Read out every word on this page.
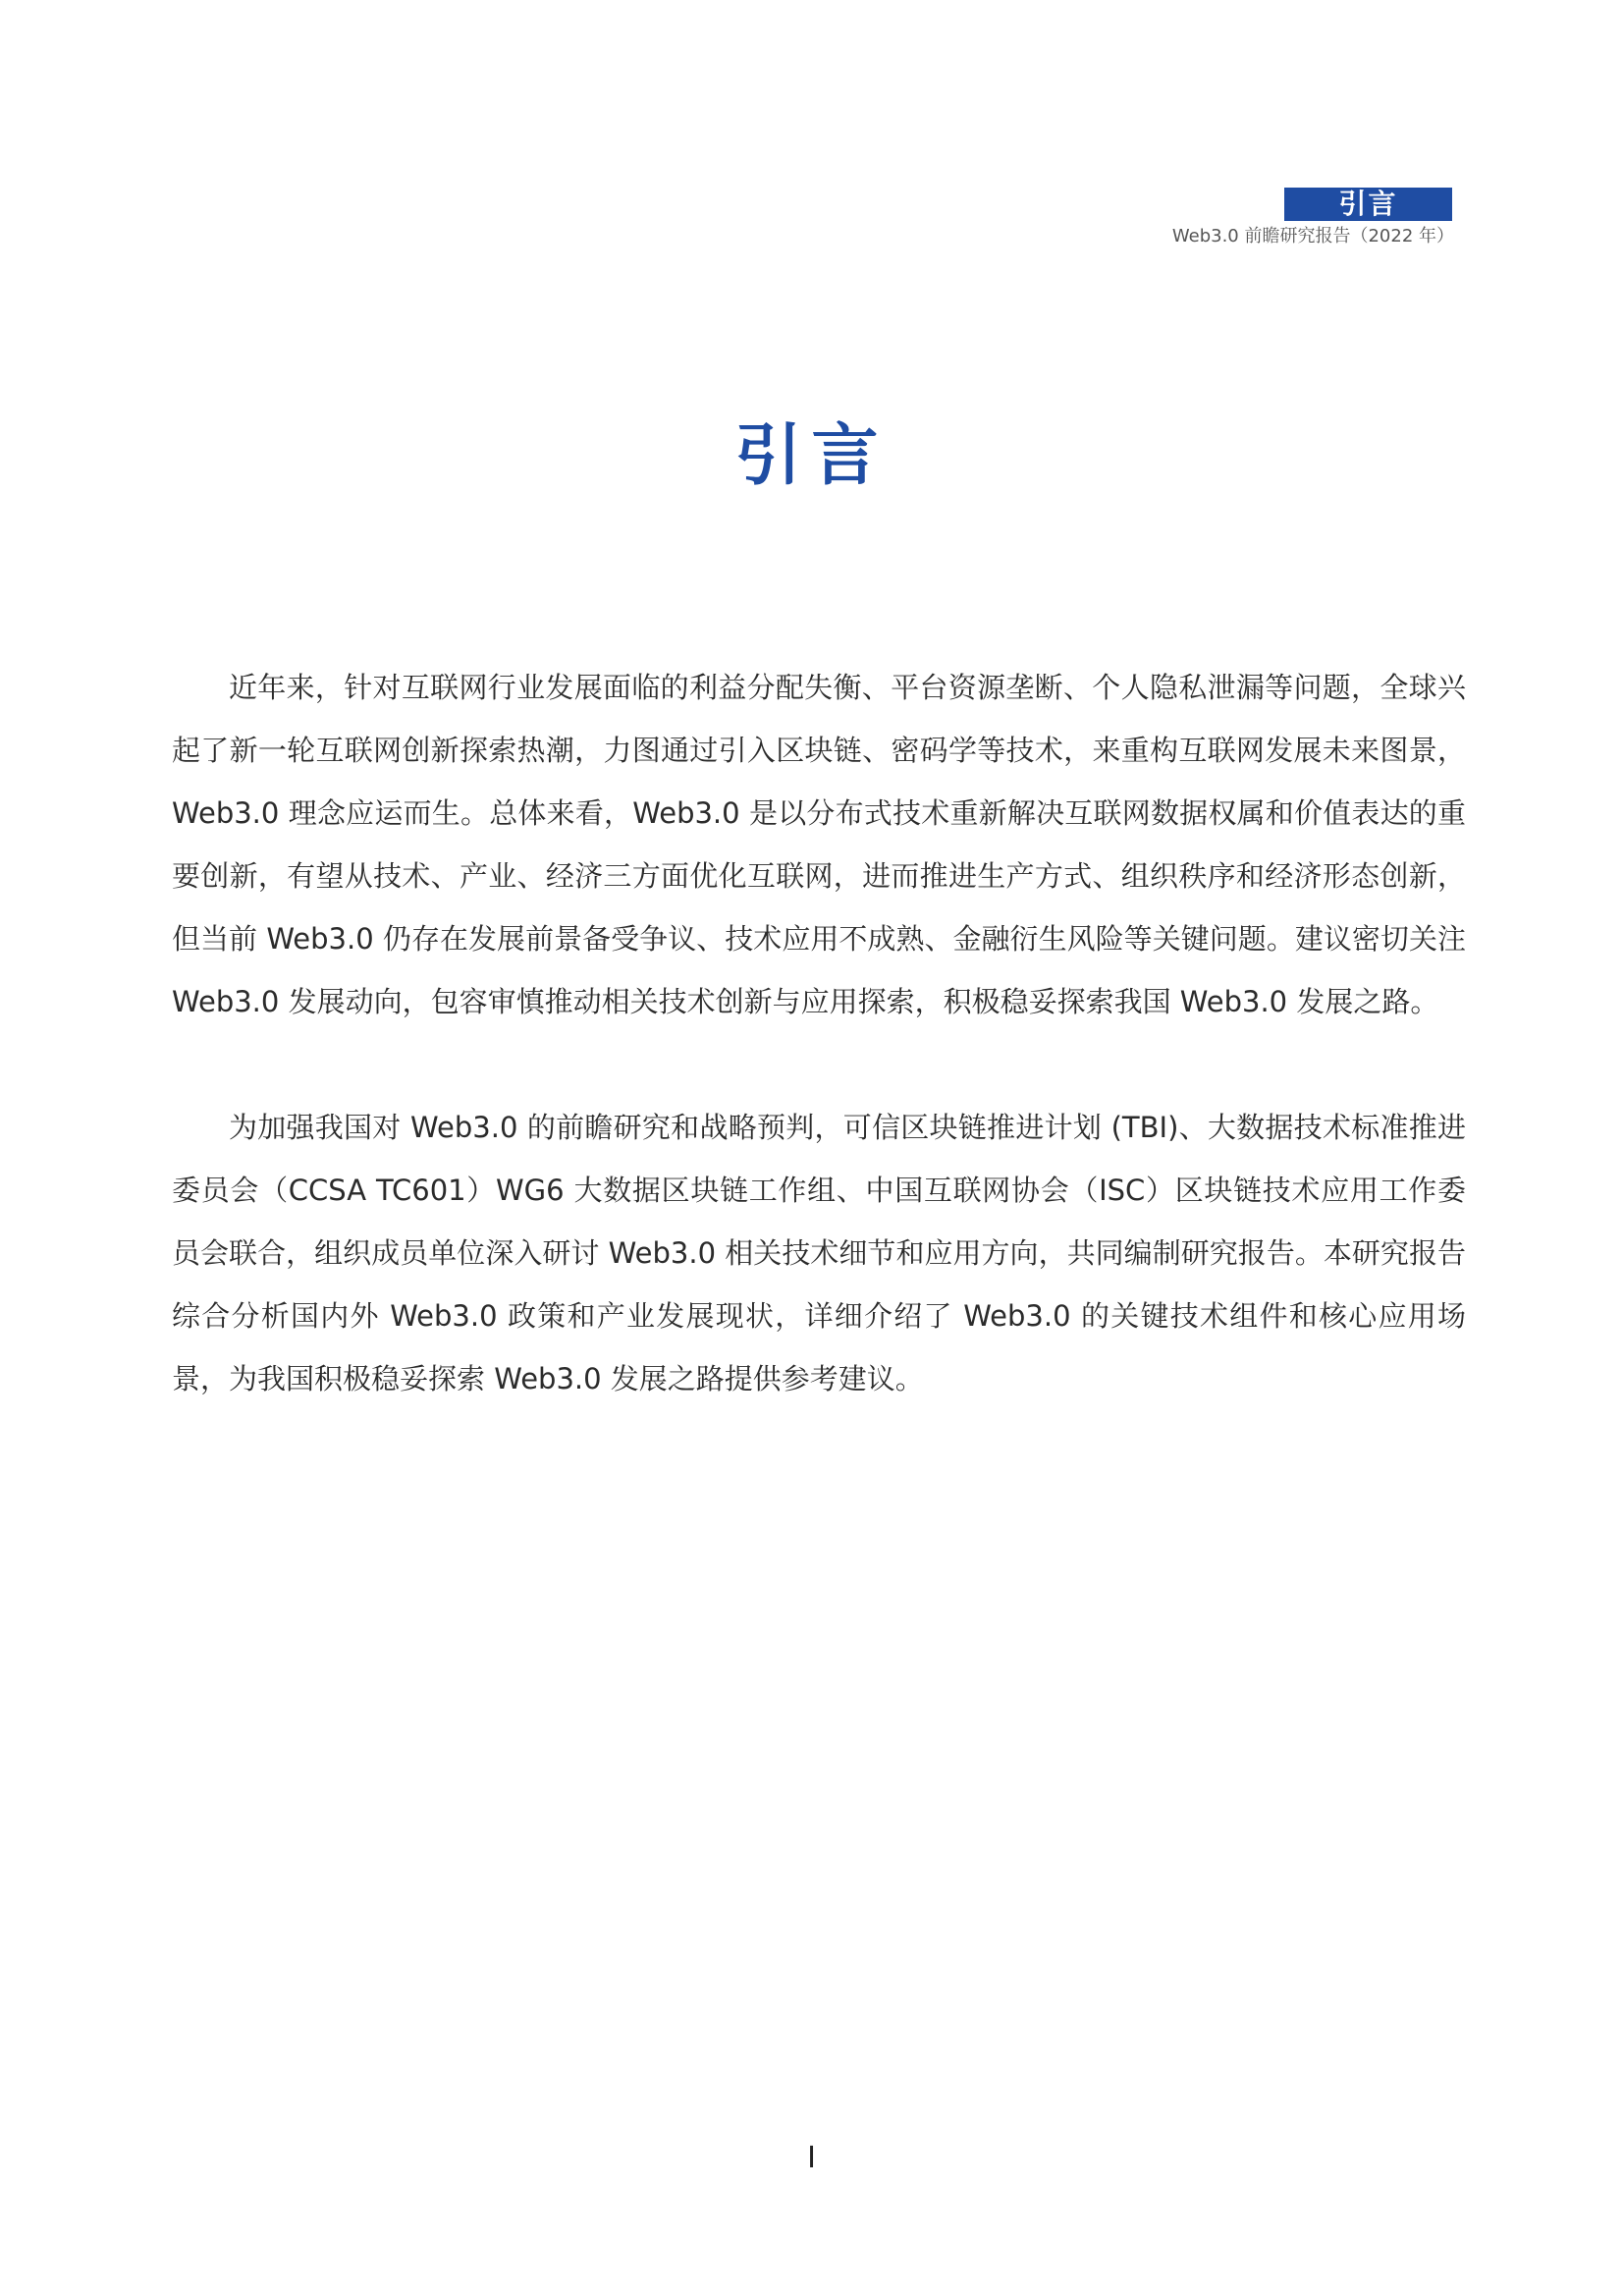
引言
Web3.0 前瞻研究报告（2022 年）
引言

近年来，针对互联网行业发展面临的利益分配失衡、平台资源垄断、个人隐私泄漏等问题，全球兴起了新一轮互联网创新探索热潮，力图通过引入区块链、密码学等技术，来重构互联网发展未来图景，Web3.0 理念应运而生。总体来看，Web3.0 是以分布式技术重新解决互联网数据权属和价值表达的重要创新，有望从技术、产业、经济三方面优化互联网，进而推进生产方式、组织秩序和经济形态创新，但当前 Web3.0 仍存在发展前景备受争议、技术应用不成熟、金融衍生风险等关键问题。建议密切关注 Web3.0 发展动向，包容审慎推动相关技术创新与应用探索，积极稳妥探索我国 Web3.0 发展之路。

为加强我国对 Web3.0 的前瞻研究和战略预判，可信区块链推进计划 (TBI)、大数据技术标准推进委员会（CCSA TC601）WG6 大数据区块链工作组、中国互联网协会（ISC）区块链技术应用工作委员会联合，组织成员单位深入研讨 Web3.0 相关技术细节和应用方向，共同编制研究报告。本研究报告综合分析国内外 Web3.0 政策和产业发展现状，详细介绍了 Web3.0 的关键技术组件和核心应用场景，为我国积极稳妥探索 Web3.0 发展之路提供参考建议。

I
